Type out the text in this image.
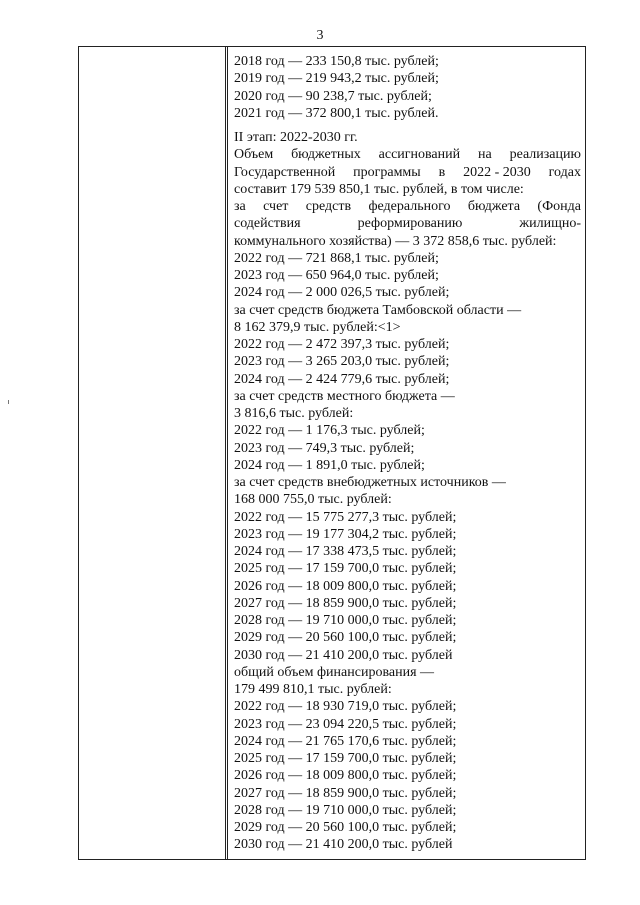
3
2018 год — 233 150,8 тыс. рублей;
2019 год — 219 943,2 тыс. рублей;
2020 год — 90 238,7 тыс. рублей;
2021 год — 372 800,1 тыс. рублей.
II этап: 2022-2030 гг.
Объем бюджетных ассигнований на реализацию
Государственной программы в 2022 - 2030 годах
составит 179 539 850,1 тыс. рублей, в том числе:
за счет средств федерального бюджета (Фонда
содействия	реформированию	жилищно-
коммунального хозяйства) — 3 372 858,6 тыс. рублей:
2022 год — 721 868,1 тыс. рублей;
2023 год — 650 964,0 тыс. рублей;
2024 год — 2 000 026,5 тыс. рублей;
за счет средств бюджета Тамбовской области —
8 162 379,9 тыс. рублей:<1>
2022 год — 2 472 397,3 тыс. рублей;
2023 год — 3 265 203,0 тыс. рублей;
2024 год — 2 424 779,6 тыс. рублей;
за счет средств местного бюджета —
3 816,6 тыс. рублей:
2022 год — 1 176,3 тыс. рублей;
2023 год — 749,3 тыс. рублей;
2024 год — 1 891,0 тыс. рублей;
за счет средств внебюджетных источников —
168 000 755,0 тыс. рублей:
2022 год — 15 775 277,3 тыс. рублей;
2023 год — 19 177 304,2 тыс. рублей;
2024 год — 17 338 473,5 тыс. рублей;
2025 год — 17 159 700,0 тыс. рублей;
2026 год — 18 009 800,0 тыс. рублей;
2027 год — 18 859 900,0 тыс. рублей;
2028 год — 19 710 000,0 тыс. рублей;
2029 год — 20 560 100,0 тыс. рублей;
2030 год — 21 410 200,0 тыс. рублей
общий объем финансирования —
179 499 810,1 тыс. рублей:
2022 год — 18 930 719,0 тыс. рублей;
2023 год — 23 094 220,5 тыс. рублей;
2024 год — 21 765 170,6 тыс. рублей;
2025 год — 17 159 700,0 тыс. рублей;
2026 год — 18 009 800,0 тыс. рублей;
2027 год — 18 859 900,0 тыс. рублей;
2028 год — 19 710 000,0 тыс. рублей;
2029 год — 20 560 100,0 тыс. рублей;
2030 год — 21 410 200,0 тыс. рублей
